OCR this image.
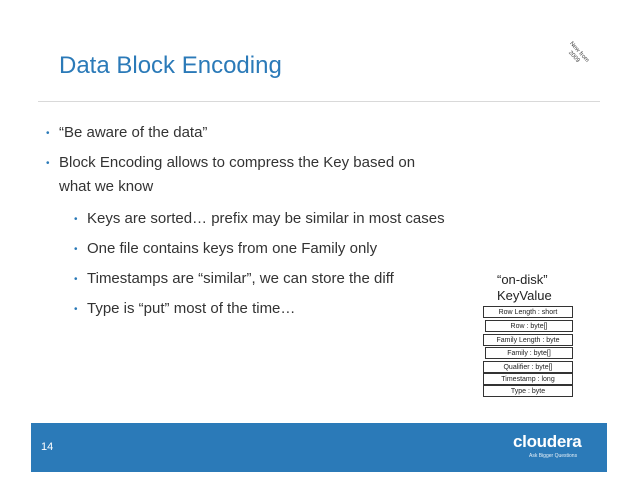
Data Block Encoding	New from 2009
• “Be aware of the data”
• Block Encoding allows to compress the Key based on
what we know
• Keys are sorted… prefix may be similar in most cases
• One file contains keys from one Family only
• Timestamps are “similar”, we can store the diff
• Type is “put” most of the time…
“on-disk”
KeyValue
Row Length : short
Row : byte[]
Family Length : byte
Family : byte[]
Qualifier : byte[]
Timestamp : long
Type : byte
14	cloudera
Ask Bigger Questions
